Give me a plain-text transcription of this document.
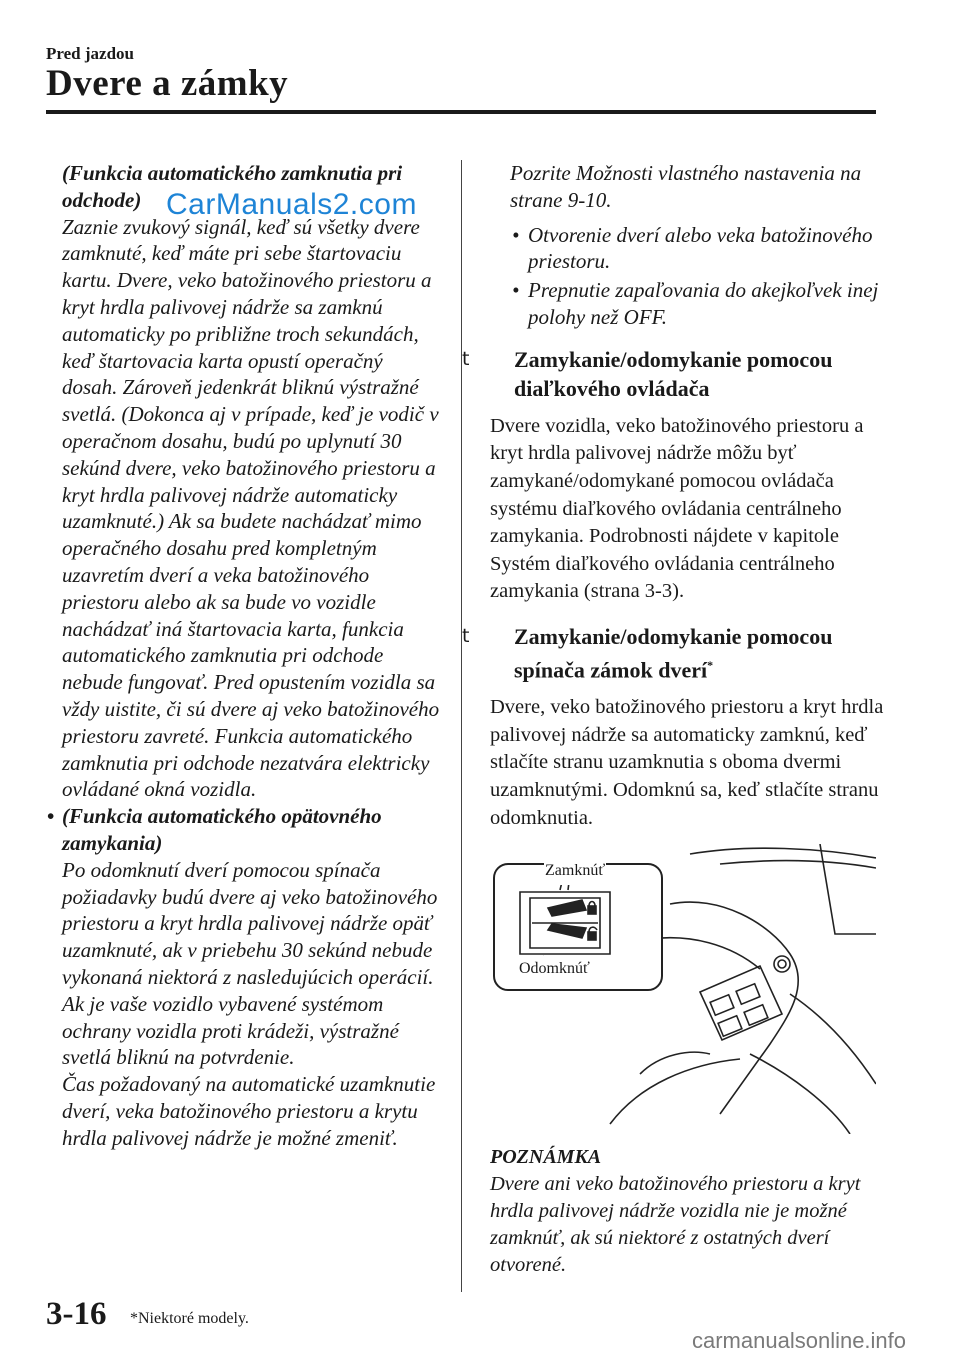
Pred jazdou
Dvere a zámky

(Funkcia automatického zamknutia pri odchode)

Zaznie zvukový signál, keď sú všetky dvere zamknuté, keď máte pri sebe štartovaciu kartu. Dvere, veko batožinového priestoru a kryt hrdla palivovej nádrže sa zamknú automaticky po približne troch sekundách, keď štartovacia karta opustí operačný dosah. Zároveň jedenkrát bliknú výstražné svetlá. (Dokonca aj v prípade, keď je vodič v operačnom dosahu, budú po uplynutí 30 sekúnd dvere, veko batožinového priestoru a kryt hrdla palivovej nádrže automaticky uzamknuté.) Ak sa budete nachádzať mimo operačného dosahu pred kompletným uzavretím dverí a veka batožinového priestoru alebo ak sa bude vo vozidle nachádzať iná štartovacia karta, funkcia automatického zamknutia pri odchode nebude fungovať. Pred opustením vozidla sa vždy uistite, či sú dvere aj veko batožinového priestoru zavreté. Funkcia automatického zamknutia pri odchode nezatvára elektricky ovládané okná vozidla.

• (Funkcia automatického opätovného zamykania)

Po odomknutí dverí pomocou spínača požiadavky budú dvere aj veko batožinového priestoru a kryt hrdla palivovej nádrže opäť uzamknuté, ak v priebehu 30 sekúnd nebude vykonaná niektorá z nasledujúcich operácií. Ak je vaše vozidlo vybavené systémom ochrany vozidla proti krádeži, výstražné svetlá bliknú na potvrdenie.

Čas požadovaný na automatické uzamknutie dverí, veka batožinového priestoru a krytu hrdla palivovej nádrže je možné zmeniť.

CarManuals2.com

Pozrite Možnosti vlastného nastavenia na strane 9-10.

• Otvorenie dverí alebo veka batožinového priestoru.
• Prepnutie zapaľovania do akejkoľvek inej polohy než OFF.
t Zamykanie/odomykanie pomocou diaľkového ovládača

Dvere vozidla, veko batožinového priestoru a kryt hrdla palivovej nádrže môžu byť zamykané/odomykané pomocou ovládača systému diaľkového ovládania centrálneho zamykania. Podrobnosti nájdete v kapitole Systém diaľkového ovládania centrálneho zamykania (strana 3-3).

t Zamykanie/odomykanie pomocou spínača zámok dverí*

Dvere, veko batožinového priestoru a kryt hrdla palivovej nádrže sa automaticky zamknú, keď stlačíte stranu uzamknutia s oboma dvermi uzamknutými. Odomknú sa, keď stlačíte stranu odomknutia.

Zamknúť
Odomknúť

POZNÁMKA

Dvere ani veko batožinového priestoru a kryt hrdla palivovej nádrže vozidla nie je možné zamknúť, ak sú niektoré z ostatných dverí otvorené.

3-16 *Niektoré modely.
carmanualsonline.info
